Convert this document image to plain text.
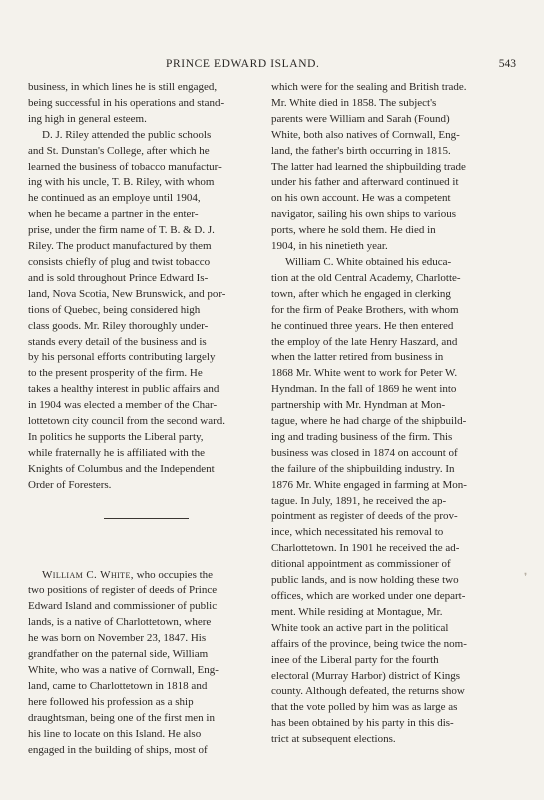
PRINCE EDWARD ISLAND.	543
business, in which lines he is still engaged,
being successful in his operations and stand-
ing high in general esteem.
D. J. Riley attended the public schools
and St. Dunstan's College, after which he
learned the business of tobacco manufactur-
ing with his uncle, T. B. Riley, with whom
he continued as an employe until 1904,
when he became a partner in the enter-
prise, under the firm name of T. B. & D. J.
Riley. The product manufactured by them
consists chiefly of plug and twist tobacco
and is sold throughout Prince Edward Is-
land, Nova Scotia, New Brunswick, and por-
tions of Quebec, being considered high
class goods. Mr. Riley thoroughly under-
stands every detail of the business and is
by his personal efforts contributing largely
to the present prosperity of the firm. He
takes a healthy interest in public affairs and
in 1904 was elected a member of the Char-
lottetown city council from the second ward.
In politics he supports the Liberal party,
while fraternally he is affiliated with the
Knights of Columbus and the Independent
Order of Foresters.
William C. White, who occupies the
two positions of register of deeds of Prince
Edward Island and commissioner of public
lands, is a native of Charlottetown, where
he was born on November 23, 1847. His
grandfather on the paternal side, William
White, who was a native of Cornwall, Eng-
land, came to Charlottetown in 1818 and
here followed his profession as a ship
draughtsman, being one of the first men in
his line to locate on this Island. He also
engaged in the building of ships, most of
which were for the sealing and British trade.
Mr. White died in 1858. The subject's
parents were William and Sarah (Found)
White, both also natives of Cornwall, Eng-
land, the father's birth occurring in 1815.
The latter had learned the shipbuilding trade
under his father and afterward continued it
on his own account. He was a competent
navigator, sailing his own ships to various
ports, where he sold them. He died in
1904, in his ninetieth year.
William C. White obtained his educa-
tion at the old Central Academy, Charlotte-
town, after which he engaged in clerking
for the firm of Peake Brothers, with whom
he continued three years. He then entered
the employ of the late Henry Haszard, and
when the latter retired from business in
1868 Mr. White went to work for Peter W.
Hyndman. In the fall of 1869 he went into
partnership with Mr. Hyndman at Mon-
tague, where he had charge of the shipbuild-
ing and trading business of the firm. This
business was closed in 1874 on account of
the failure of the shipbuilding industry. In
1876 Mr. White engaged in farming at Mon-
tague. In July, 1891, he received the ap-
pointment as register of deeds of the prov-
ince, which necessitated his removal to
Charlottetown. In 1901 he received the ad-
ditional appointment as commissioner of
public lands, and is now holding these two
offices, which are worked under one depart-
ment. While residing at Montague, Mr.
White took an active part in the political
affairs of the province, being twice the nom-
inee of the Liberal party for the fourth
electoral (Murray Harbor) district of Kings
county. Although defeated, the returns show
that the vote polled by him was as large as
has been obtained by his party in this dis-
trict at subsequent elections.
❜
